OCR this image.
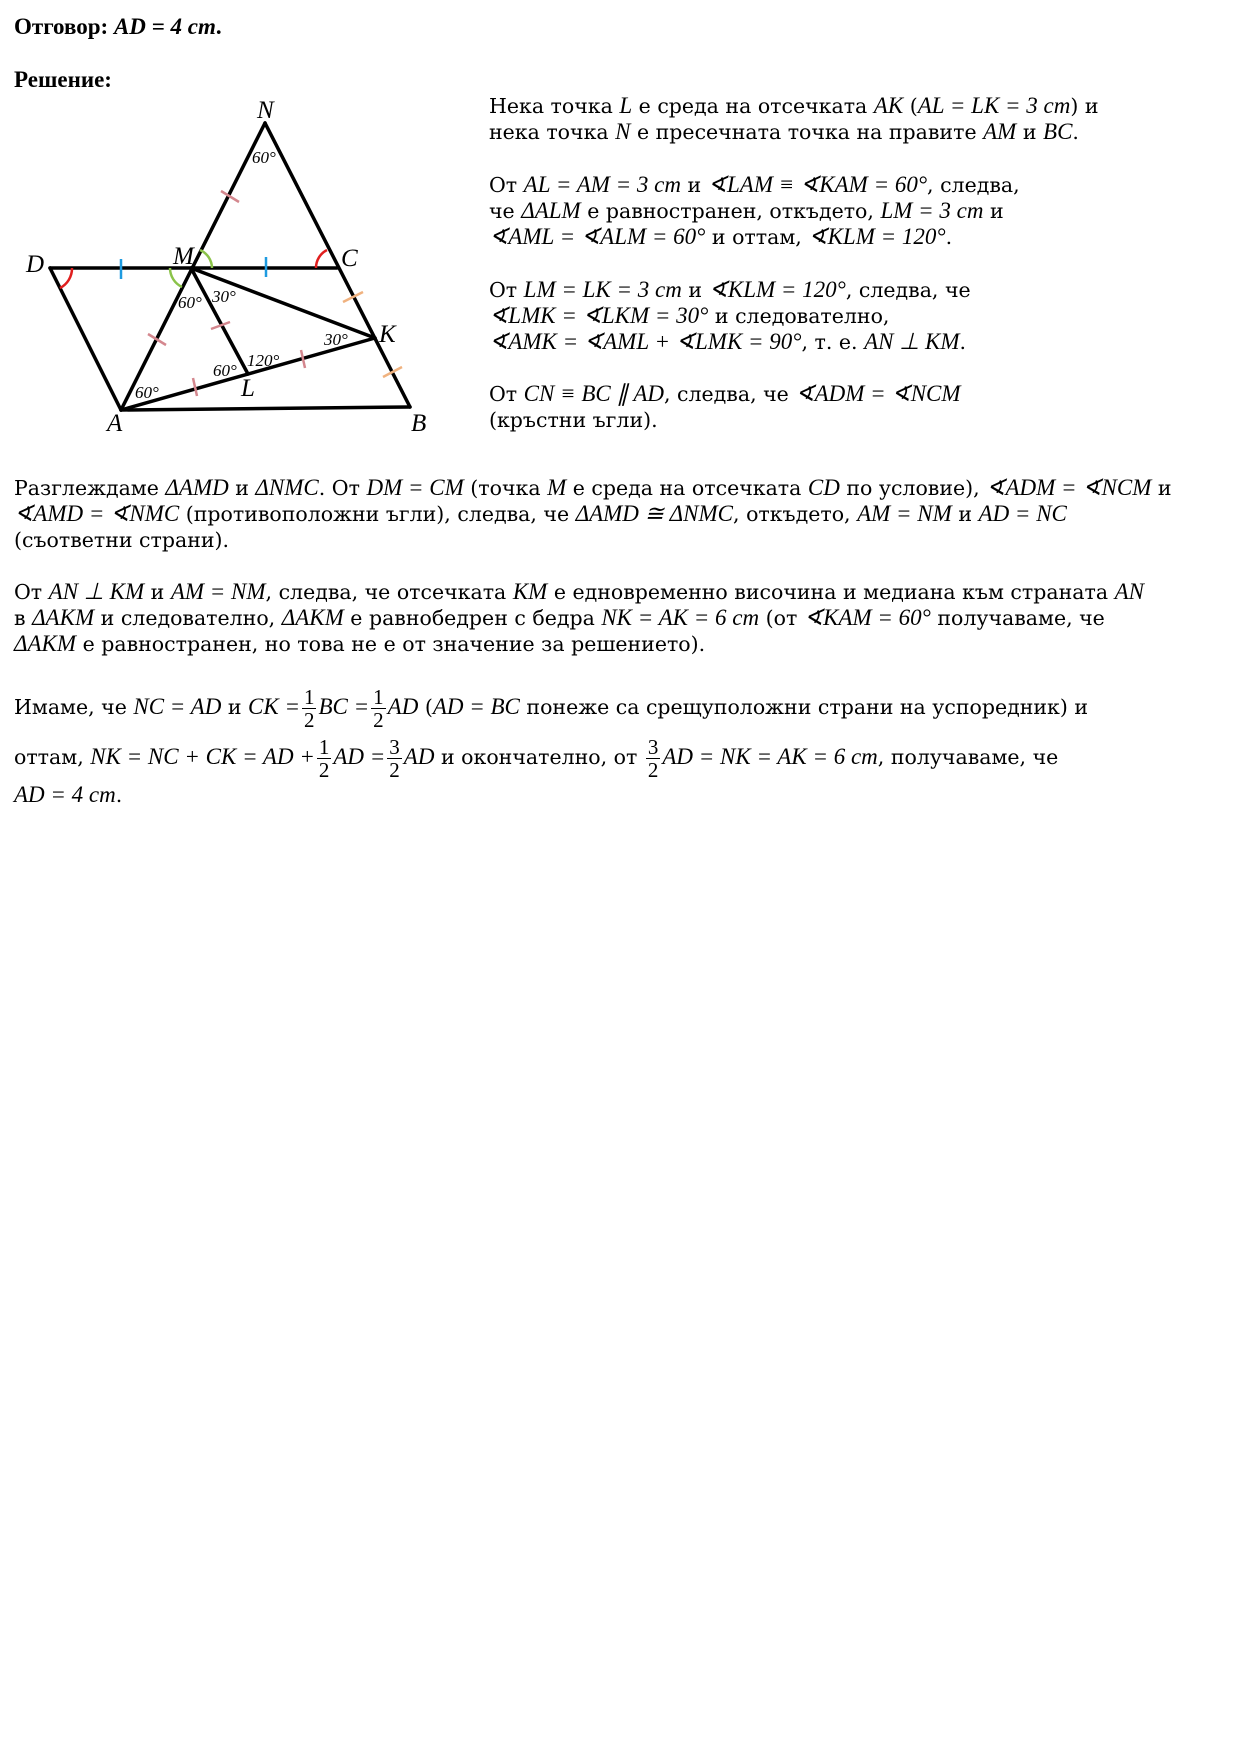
Отговор: AD = 4 cm.
Решение:
N
D	M	C
K
L
A	B
60°
60° 30°
60°
120°
30°
60°
Нека точка L е среда на отсечката AK (AL = LK = 3 cm) и
нека точка N е пресечната точка на правите AM и BC.
От AL = AM = 3 cm и ∢LAM ≡ ∢KAM = 60°, следва,
че ΔALM е равностранен, откъдето, LM = 3 cm и
∢AML = ∢ALM = 60° и оттам, ∢KLM = 120°.
От LM = LK = 3 cm и ∢KLM = 120°, следва, че
∢LMK = ∢LKM = 30° и следователно,
∢AMK = ∢AML + ∢LMK = 90°, т. е. AN ⊥ KM.
От CN ≡ BC ∥ AD, следва, че ∢ADM = ∢NCM
(кръстни ъгли).
Разглеждаме ΔAMD и ΔNMC. От DM = CM (точка M е среда на отсечката CD по условие), ∢ADM = ∢NCM и
∢AMD = ∢NMC (противоположни ъгли), следва, че ΔAMD ≅ ΔNMC, откъдето, AM = NM и AD = NC
(съответни страни).
От AN ⊥ KM и AM = NM, следва, че отсечката KM е едновременно височина и медиана към страната AN
в ΔAKM и следователно, ΔAKM е равнобедрен с бедра NK = AK = 6 cm (от ∢KAM = 60° получаваме, че
ΔAKM е равностранен, но това не е от значение за решението).
Имаме, че NC = AD и CK = $\frac{1}{2}$ BC = $\frac{1}{2}$ AD (AD = BC понеже са срещуположни страни на успоредник) и
оттам, NK = NC + CK = AD + $\frac{1}{2}$ AD = $\frac{3}{2}$ AD и окончателно, от $\frac{3}{2}$ AD = NK = AK = 6 cm, получаваме, че
AD = 4 cm.
